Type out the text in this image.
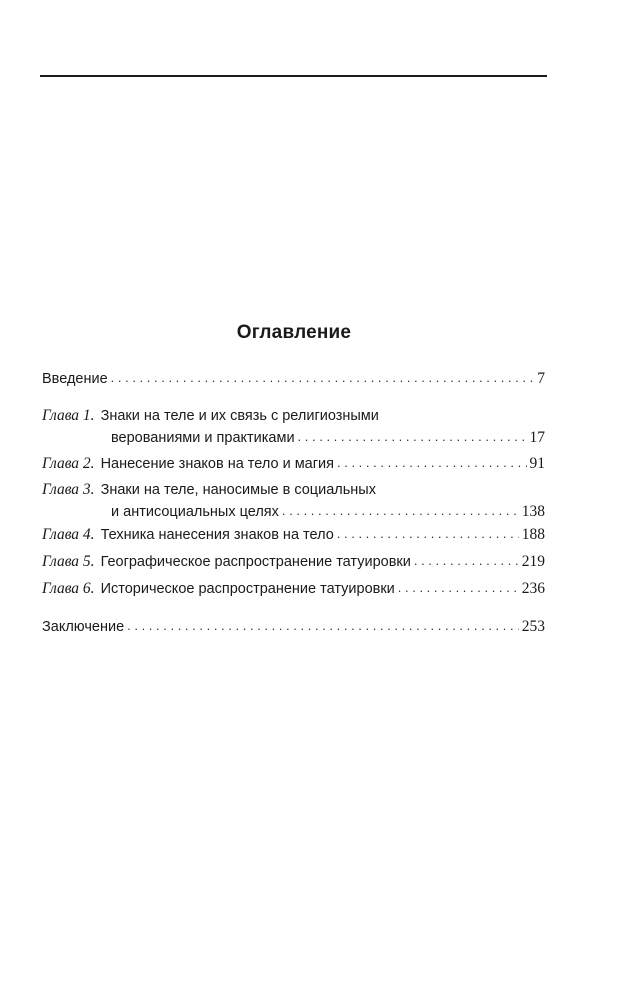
Оглавление
Введение . . .	7
Глава 1. Знаки на теле и их связь с религиозными
верованиями и практиками . . .	17
Глава 2. Нанесение знаков на тело и магия . . .	91
Глава 3. Знаки на теле, наносимые в социальных
и антисоциальных целях . . .	138
Глава 4. Техника нанесения знаков на тело . . .	188
Глава 5. Географическое распространение татуировки . . .	219
Глава 6. Историческое распространение татуировки . . .	236
Заключение . . .	253
